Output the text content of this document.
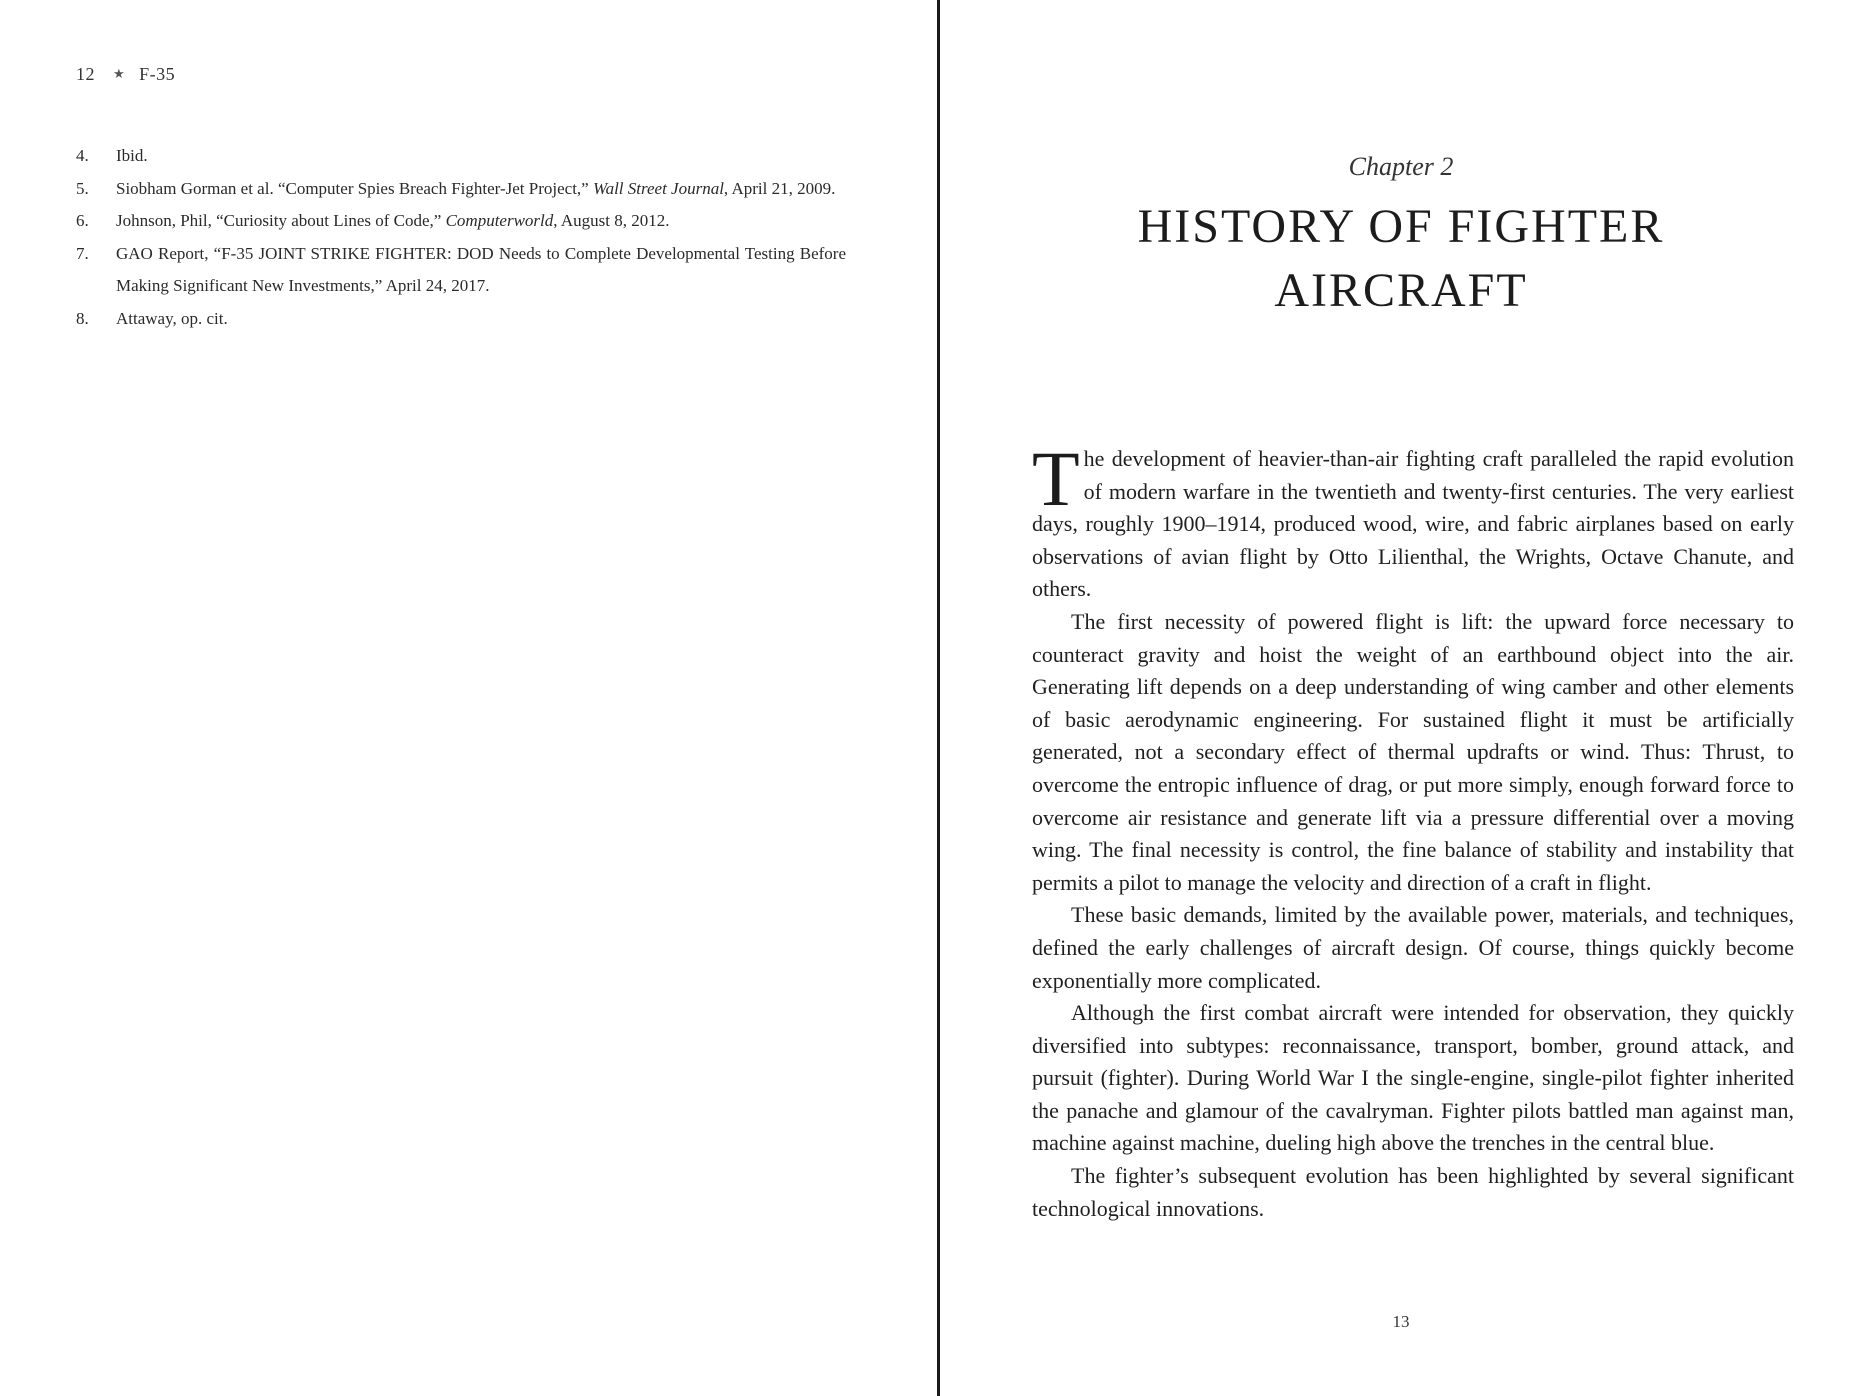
12 ★ F-35
4.	Ibid.
5.	Siobham Gorman et al. “Computer Spies Breach Fighter-Jet Project,” Wall Street Journal, April 21, 2009.
6.	Johnson, Phil, “Curiosity about Lines of Code,” Computerworld, August 8, 2012.
7.	GAO Report, “F-35 JOINT STRIKE FIGHTER: DOD Needs to Complete Developmental Testing Before Making Significant New Investments,” April 24, 2017.
8.	Attaway, op. cit.
Chapter 2
HISTORY OF FIGHTER
AIRCRAFT

The development of heavier-than-air fighting craft paralleled the rapid evolution of modern warfare in the twentieth and twenty-first centuries. The very earliest days, roughly 1900–1914, produced wood, wire, and fabric airplanes based on early observations of avian flight by Otto Lilienthal, the Wrights, Octave Chanute, and others.

The first necessity of powered flight is lift: the upward force necessary to counteract gravity and hoist the weight of an earthbound object into the air. Generating lift depends on a deep understanding of wing camber and other elements of basic aerodynamic engineering. For sustained flight it must be artificially generated, not a secondary effect of thermal updrafts or wind. Thus: Thrust, to overcome the entropic influence of drag, or put more simply, enough forward force to overcome air resistance and generate lift via a pressure differential over a moving wing. The final necessity is control, the fine balance of stability and instability that permits a pilot to manage the velocity and direction of a craft in flight.

These basic demands, limited by the available power, materials, and techniques, defined the early challenges of aircraft design. Of course, things quickly become exponentially more complicated.

Although the first combat aircraft were intended for observation, they quickly diversified into subtypes: reconnaissance, transport, bomber, ground attack, and pursuit (fighter). During World War I the single-engine, single-pilot fighter inherited the panache and glamour of the cavalryman. Fighter pilots battled man against man, machine against machine, dueling high above the trenches in the central blue.

The fighter’s subsequent evolution has been highlighted by several significant technological innovations.

13
